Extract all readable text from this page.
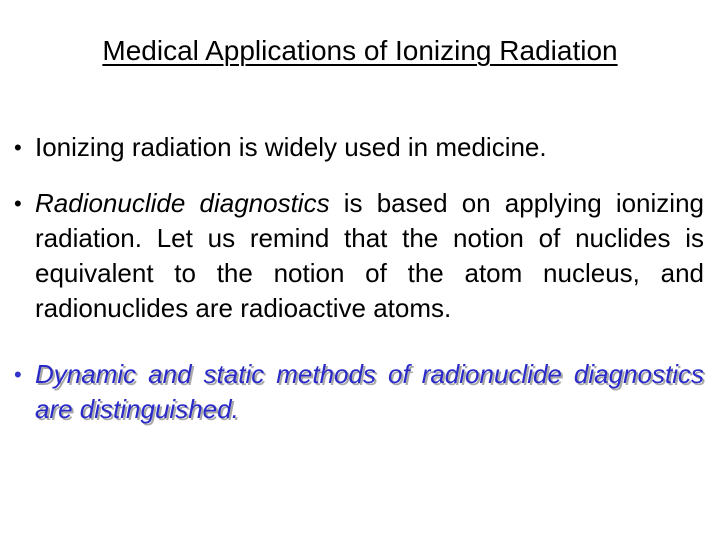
Medical Applications of Ionizing Radiation
• Ionizing radiation is widely used in medicine.
• Radionuclide diagnostics is based on applying ionizing radiation. Let us remind that the notion of nuclides is equivalent to the notion of the atom nucleus, and radionuclides are radioactive atoms.
• Dynamic and static methods of radionuclide diagnostics are distinguished.
